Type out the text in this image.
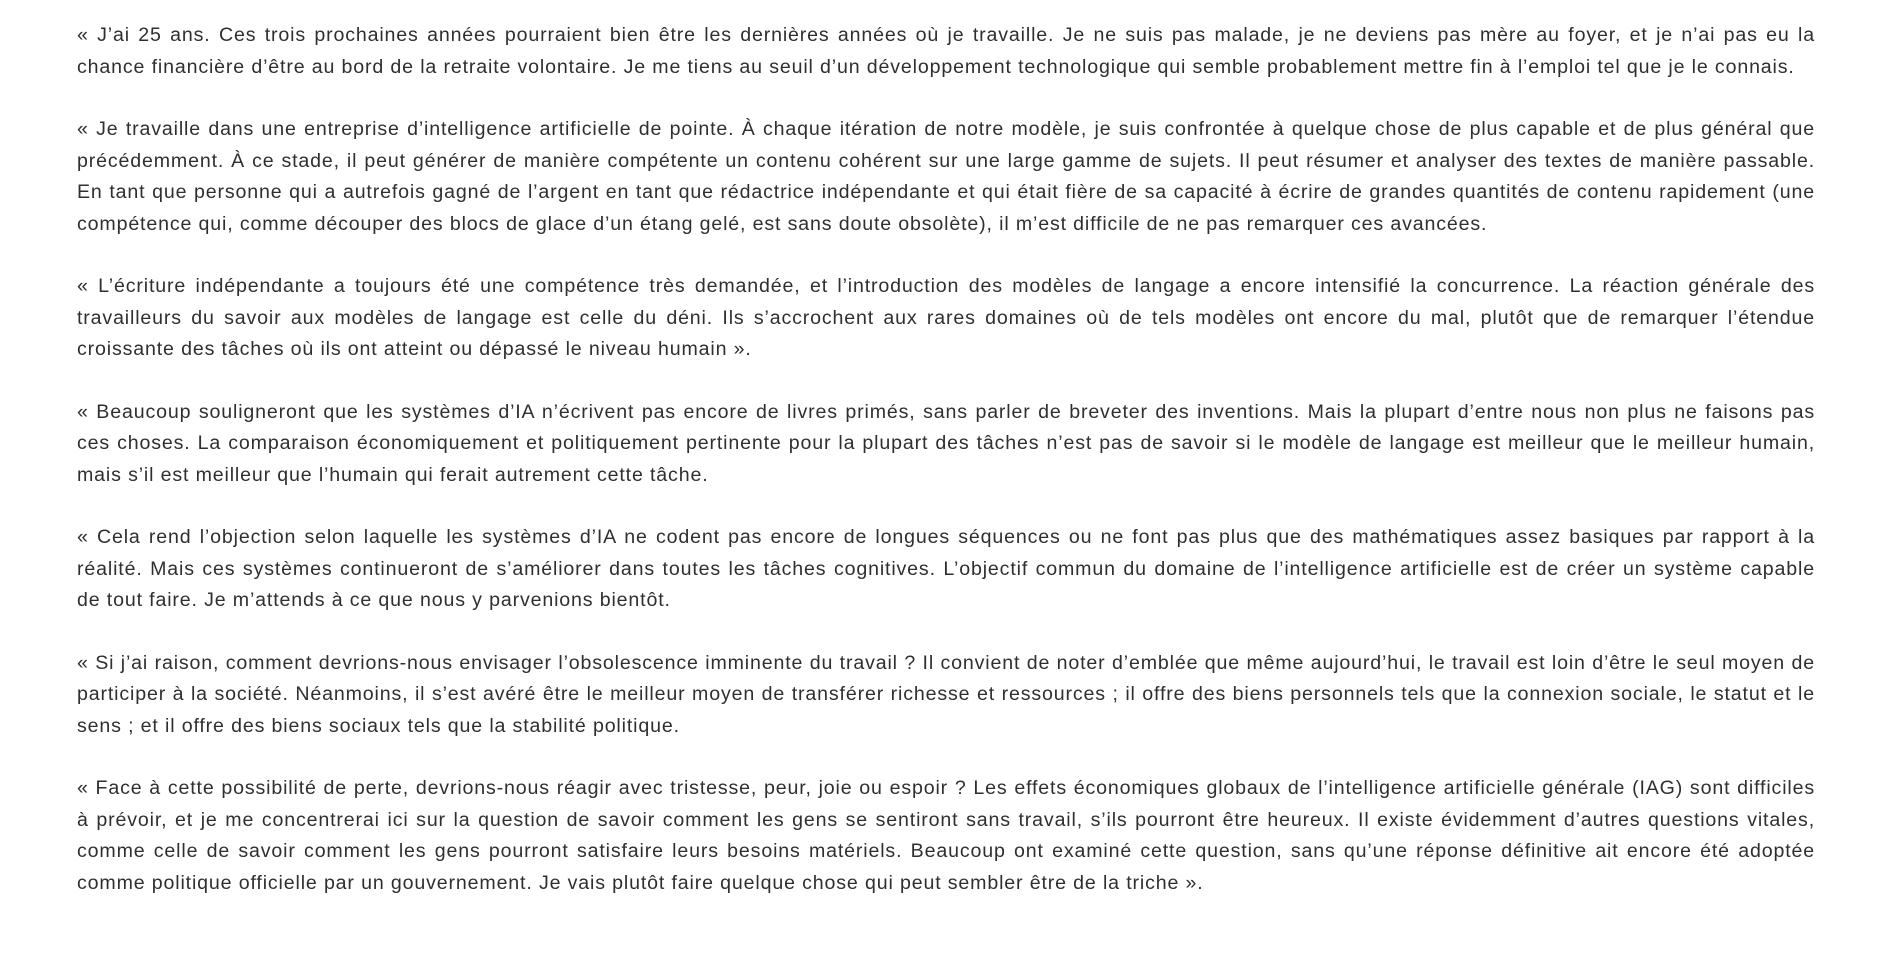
« J’ai 25 ans. Ces trois prochaines années pourraient bien être les dernières années où je travaille. Je ne suis pas malade, je ne deviens pas mère au foyer, et je n’ai pas eu la chance financière d’être au bord de la retraite volontaire. Je me tiens au seuil d’un développement technologique qui semble probablement mettre fin à l’emploi tel que je le connais.

« Je travaille dans une entreprise d’intelligence artificielle de pointe. À chaque itération de notre modèle, je suis confrontée à quelque chose de plus capable et de plus général que précédemment. À ce stade, il peut générer de manière compétente un contenu cohérent sur une large gamme de sujets. Il peut résumer et analyser des textes de manière passable. En tant que personne qui a autrefois gagné de l’argent en tant que rédactrice indépendante et qui était fière de sa capacité à écrire de grandes quantités de contenu rapidement (une compétence qui, comme découper des blocs de glace d’un étang gelé, est sans doute obsolète), il m’est difficile de ne pas remarquer ces avancées.

« L’écriture indépendante a toujours été une compétence très demandée, et l’introduction des modèles de langage a encore intensifié la concurrence. La réaction générale des travailleurs du savoir aux modèles de langage est celle du déni. Ils s’accrochent aux rares domaines où de tels modèles ont encore du mal, plutôt que de remarquer l’étendue croissante des tâches où ils ont atteint ou dépassé le niveau humain ».

« Beaucoup souligneront que les systèmes d’IA n’écrivent pas encore de livres primés, sans parler de breveter des inventions. Mais la plupart d’entre nous non plus ne faisons pas ces choses. La comparaison économiquement et politiquement pertinente pour la plupart des tâches n’est pas de savoir si le modèle de langage est meilleur que le meilleur humain, mais s’il est meilleur que l’humain qui ferait autrement cette tâche.

« Cela rend l’objection selon laquelle les systèmes d’IA ne codent pas encore de longues séquences ou ne font pas plus que des mathématiques assez basiques par rapport à la réalité. Mais ces systèmes continueront de s’améliorer dans toutes les tâches cognitives. L’objectif commun du domaine de l’intelligence artificielle est de créer un système capable de tout faire. Je m’attends à ce que nous y parvenions bientôt.

« Si j’ai raison, comment devrions-nous envisager l’obsolescence imminente du travail ? Il convient de noter d’emblée que même aujourd’hui, le travail est loin d’être le seul moyen de participer à la société. Néanmoins, il s’est avéré être le meilleur moyen de transférer richesse et ressources ; il offre des biens personnels tels que la connexion sociale, le statut et le sens ; et il offre des biens sociaux tels que la stabilité politique.

« Face à cette possibilité de perte, devrions-nous réagir avec tristesse, peur, joie ou espoir ? Les effets économiques globaux de l’intelligence artificielle générale (IAG) sont difficiles à prévoir, et je me concentrerai ici sur la question de savoir comment les gens se sentiront sans travail, s’ils pourront être heureux. Il existe évidemment d’autres questions vitales, comme celle de savoir comment les gens pourront satisfaire leurs besoins matériels. Beaucoup ont examiné cette question, sans qu’une réponse définitive ait encore été adoptée comme politique officielle par un gouvernement. Je vais plutôt faire quelque chose qui peut sembler être de la triche ».
